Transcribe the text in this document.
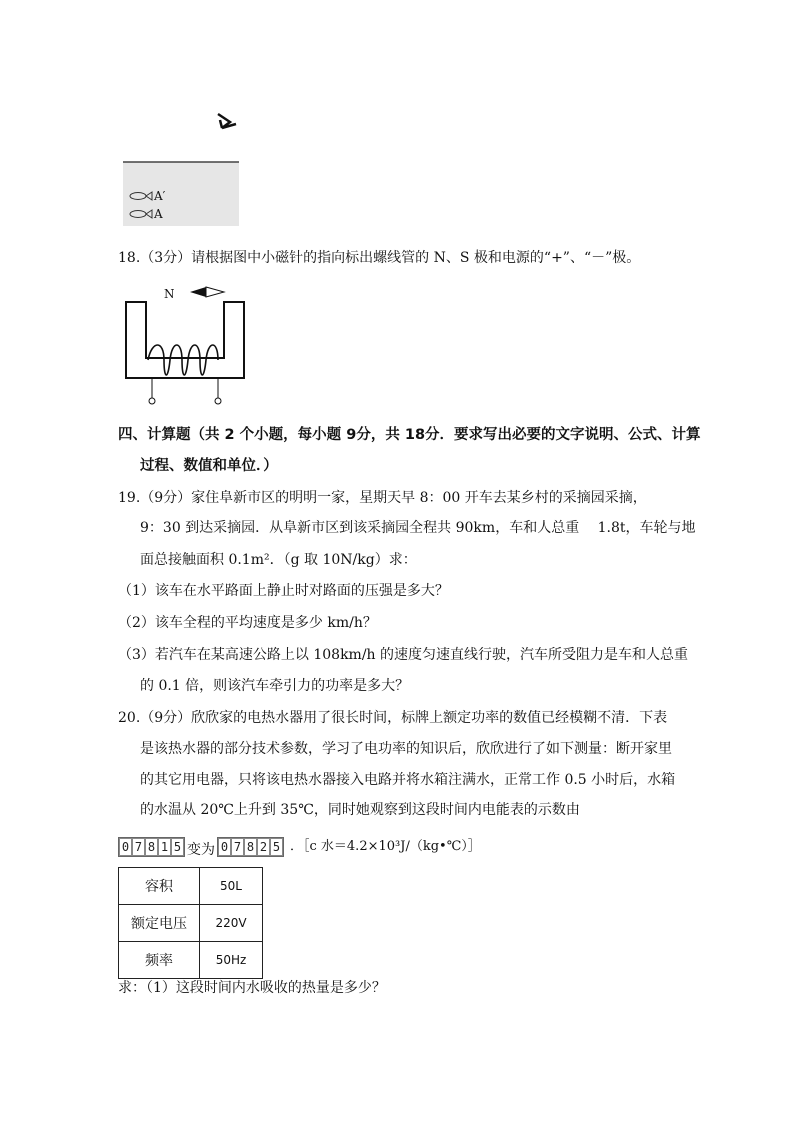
A′
A
18.（3分）请根据图中小磁针的指向标出螺线管的 N、S 极和电源的“+”、“－”极。
N
四、计算题（共 2 个小题，每小题 9分，共 18分．要求写出必要的文字说明、公式、计算
过程、数值和单位．）
19.（9分）家住阜新市区的明明一家，星期天早 8：00 开车去某乡村的采摘园采摘，
9：30 到达采摘园．从阜新市区到该采摘园全程共 90km，车和人总重　 1.8t，车轮与地
面总接触面积 0.1m²．（g 取 10N/kg）求：
（1）该车在水平路面上静止时对路面的压强是多大？
（2）该车全程的平均速度是多少 km/h？
（3）若汽车在某高速公路上以 108km/h 的速度匀速直线行驶，汽车所受阻力是车和人总重
的 0.1 倍，则该汽车牵引力的功率是多大？
20.（9分）欣欣家的电热水器用了很长时间，标牌上额定功率的数值已经模糊不清．下表
是该热水器的部分技术参数，学习了电功率的知识后，欣欣进行了如下测量：断开家里
的其它用电器，只将该电热水器接入电路并将水箱注满水，正常工作 0.5 小时后，水箱
的水温从 20℃上升到 35℃，同时她观察到这段时间内电能表的示数由
0 7 8 1 5 变为 0 7 8 2 5 ．［c 水＝4.2×10³J/（kg•℃）］
容积	50L
额定电压	220V
频率	50Hz
求：（1）这段时间内水吸收的热量是多少？
